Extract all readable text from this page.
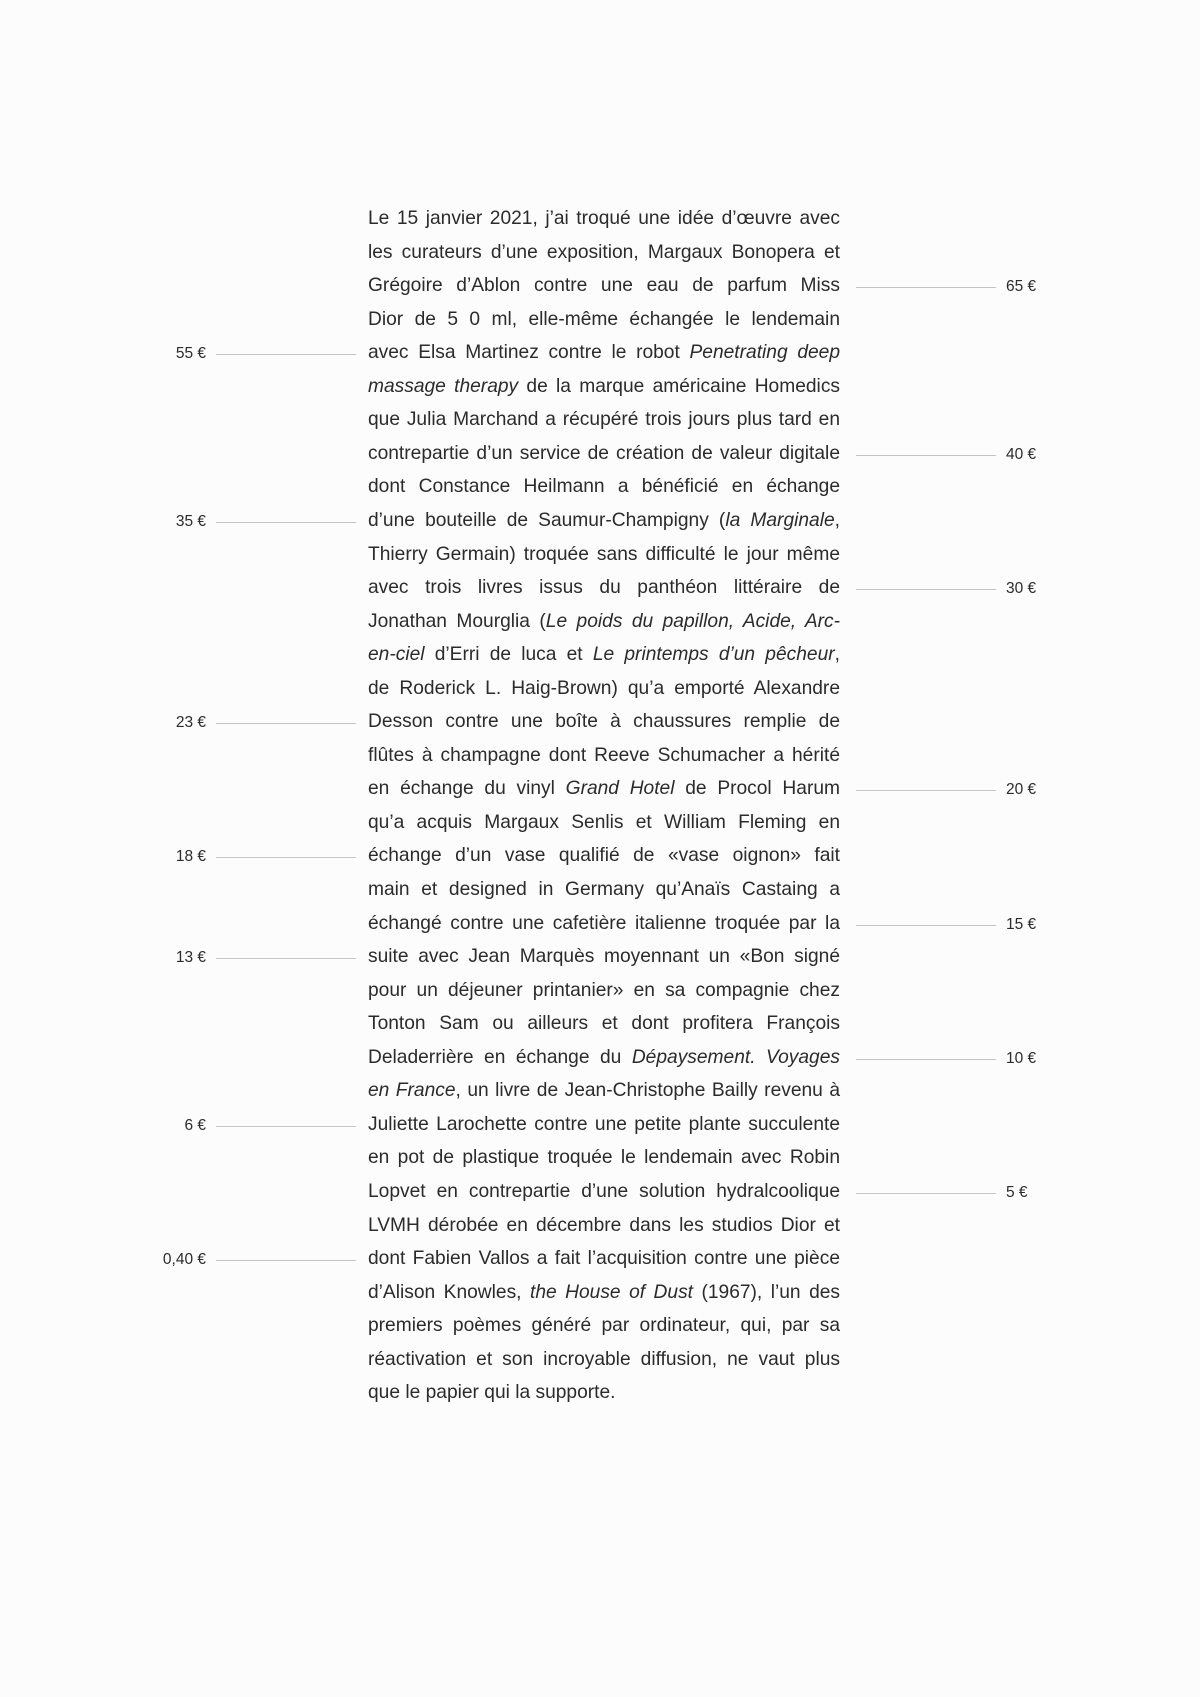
Le 15 janvier 2021, j’ai troqué une idée d’œuvre avec
les curateurs d’une exposition, Margaux Bonopera et
Grégoire d’Ablon contre une eau de parfum Miss
Dior de 5 0 ml, elle-même échangée le lendemain
avec Elsa Martinez contre le robot Penetrating deep
massage therapy de la marque américaine Homedics
que Julia Marchand a récupéré trois jours plus tard en
contrepartie d’un service de création de valeur digitale
dont Constance Heilmann a bénéficié en échange
d’une bouteille de Saumur-Champigny (la Marginale,
Thierry Germain) troquée sans difficulté le jour même
avec trois livres issus du panthéon littéraire de
Jonathan Mourglia (Le poids du papillon, Acide, Arc-
en-ciel d’Erri de luca et Le printemps d’un pêcheur,
de Roderick L. Haig-Brown) qu’a emporté Alexandre
Desson contre une boîte à chaussures remplie de
flûtes à champagne dont Reeve Schumacher a hérité
en échange du vinyl Grand Hotel de Procol Harum
qu’a acquis Margaux Senlis et William Fleming en
échange d’un vase qualifié de «vase oignon» fait
main et designed in Germany qu’Anaïs Castaing a
échangé contre une cafetière italienne troquée par la
suite avec Jean Marquès moyennant un «Bon signé
pour un déjeuner printanier» en sa compagnie chez
Tonton Sam ou ailleurs et dont profitera François
Deladerrière en échange du Dépaysement. Voyages
en France, un livre de Jean-Christophe Bailly revenu à
Juliette Larochette contre une petite plante succulente
en pot de plastique troquée le lendemain avec Robin
Lopvet en contrepartie d’une solution hydralcoolique
LVMH dérobée en décembre dans les studios Dior et
dont Fabien Vallos a fait l’acquisition contre une pièce
d’Alison Knowles, the House of Dust (1967), l’un des
premiers poèmes généré par ordinateur, qui, par sa
réactivation et son incroyable diffusion, ne vaut plus
que le papier qui la supporte.
55 €
35 €
23 €
18 €
13 €
6 €
0,40 €
65 €
40 €
30 €
20 €
15 €
10 €
5 €
